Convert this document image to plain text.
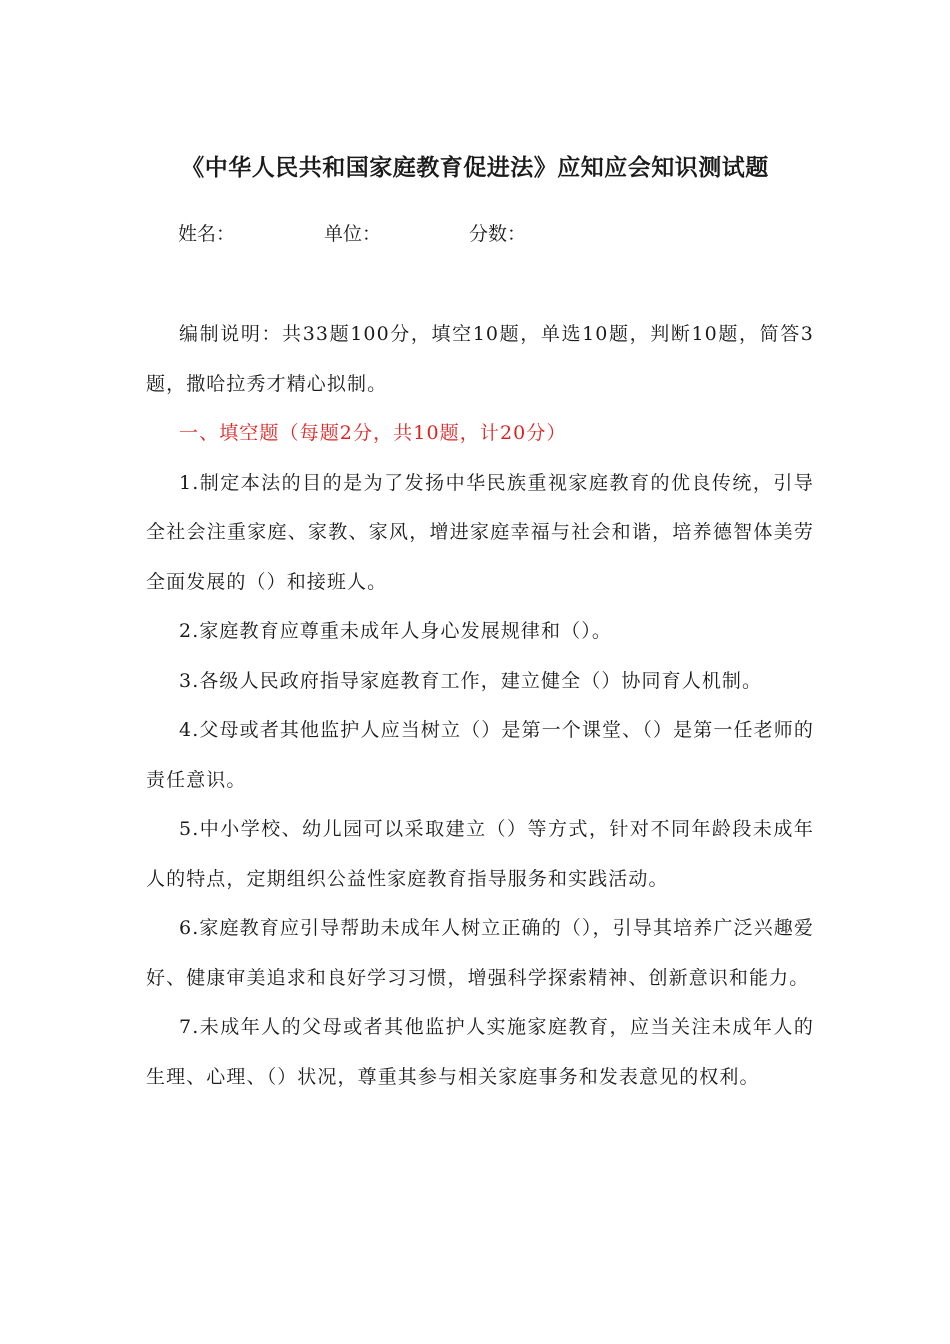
《中华人民共和国家庭教育促进法》应知应会知识测试题
姓名：	单位：	分数：

编制说明：共33题100分，填空10题，单选10题，判断10题，简答3题，撒哈拉秀才精心拟制。

一、填空题（每题2分，共10题，计20分）

1.制定本法的目的是为了发扬中华民族重视家庭教育的优良传统，引导全社会注重家庭、家教、家风，增进家庭幸福与社会和谐，培养德智体美劳全面发展的（）和接班人。

2.家庭教育应尊重未成年人身心发展规律和（）。

3.各级人民政府指导家庭教育工作，建立健全（）协同育人机制。

4.父母或者其他监护人应当树立（）是第一个课堂、（）是第一任老师的责任意识。

5.中小学校、幼儿园可以采取建立（）等方式，针对不同年龄段未成年人的特点，定期组织公益性家庭教育指导服务和实践活动。

6.家庭教育应引导帮助未成年人树立正确的（），引导其培养广泛兴趣爱好、健康审美追求和良好学习习惯，增强科学探索精神、创新意识和能力。

7.未成年人的父母或者其他监护人实施家庭教育，应当关注未成年人的生理、心理、（）状况，尊重其参与相关家庭事务和发表意见的权利。
